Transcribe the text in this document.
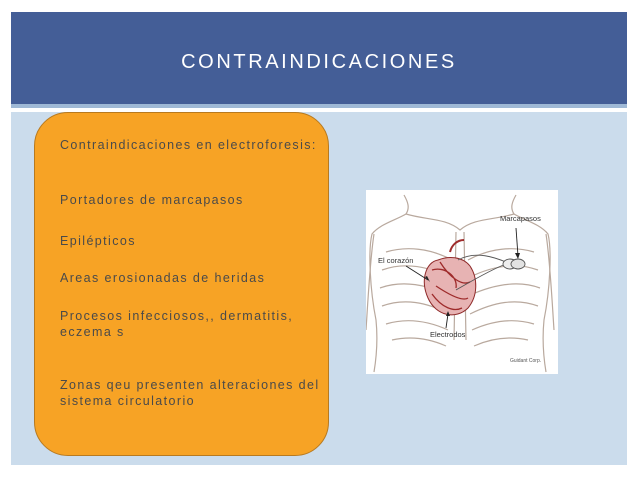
CONTRAINDICACIONES
Contraindicaciones en electroforesis:
Portadores de marcapasos
Epilépticos
Areas erosionadas de heridas
Procesos infecciosos,, dermatitis, eczema s
Zonas qeu presenten alteraciones del sistema circulatorio
Marcapasos
El corazón
Electrodos
Guidant Corp.
